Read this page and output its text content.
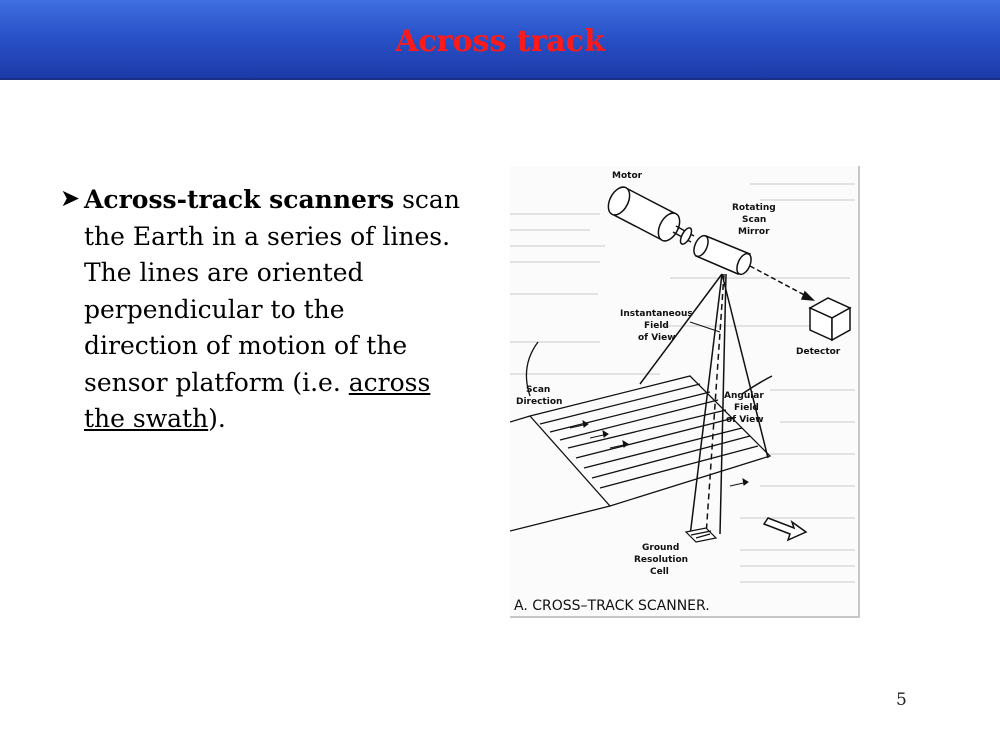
Across track
➤ Across-track scanners scan the Earth in a series of lines. The lines are oriented perpendicular to the direction of motion of the sensor platform (i.e. across the swath).
Motor
Rotating
Scan
Mirror
Instantaneous
Field
of View
Detector
Scan
Direction
Angular
Field
of View
Ground
Resolution
Cell
A. CROSS–TRACK SCANNER.
5
